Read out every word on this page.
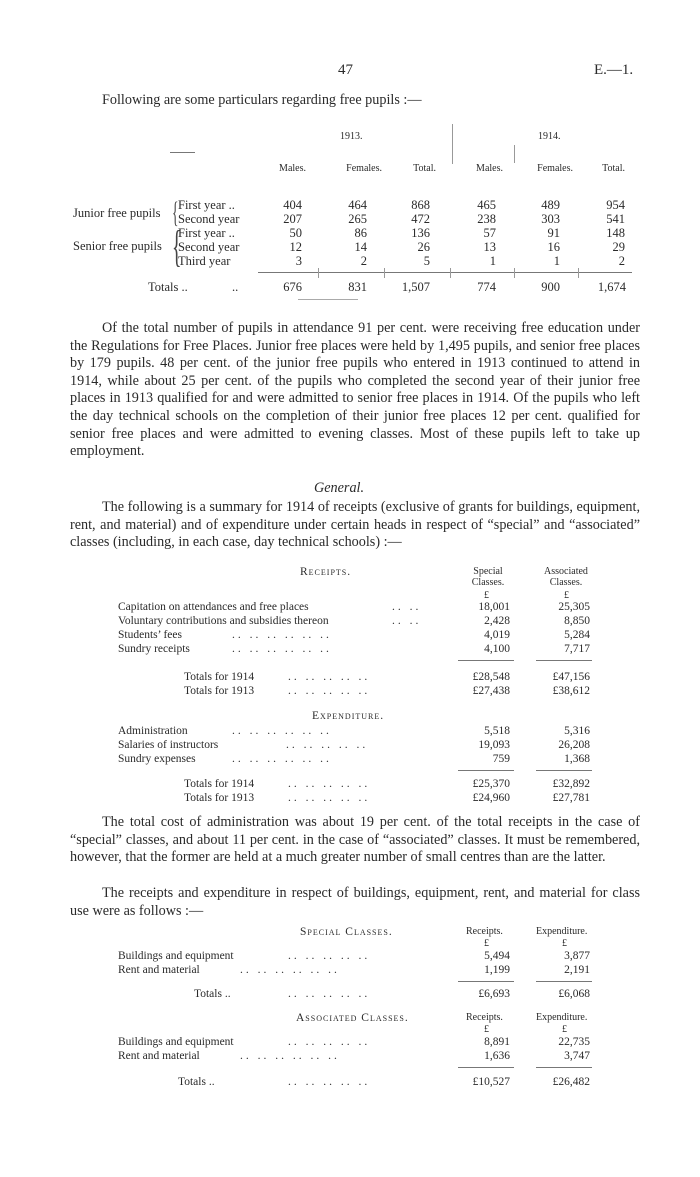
47	E.—1.
Following are some particulars regarding free pupils :—
1913.	1914.
Males.	Females.	Total.	Males.	Females.	Total.
Junior free pupils
Senior free pupils
{
{
First year ..	404	464	868	465	489	954
Second year	207	265	472	238	303	541
First year ..	50	86	136	57	91	148
Second year	12	14	26	13	16	29
Third year	3	2	5	1	1	2
Totals ..	..	676	831	1,507	774	900	1,674

Of the total number of pupils in attendance 91 per cent. were receiving free education under the Regulations for Free Places. Junior free places were held by 1,495 pupils, and senior free places by 179 pupils. 48 per cent. of the junior free pupils who entered in 1913 continued to attend in 1914, while about 25 per cent. of the pupils who completed the second year of their junior free places in 1913 qualified for and were admitted to senior free places in 1914. Of the pupils who left the day technical schools on the completion of their junior free places 12 per cent. qualified for senior free places and were admitted to evening classes. Most of these pupils left to take up employment.

General.

The following is a summary for 1914 of receipts (exclusive of grants for buildings, equipment, rent, and material) and of expenditure under certain heads in respect of “special” and “associated” classes (including, in each case, day technical schools) :—

Receipts.	Special Classes.
Associated Classes.
£	£
Capitation on attendances and free places	.. ..	18,001	25,305
Voluntary contributions and subsidies thereon	.. ..	2,428	8,850
Students’ fees	.. .. .. .. .. ..	4,019	5,284
Sundry receipts	.. .. .. .. .. ..	4,100	7,717
Totals for 1914	.. .. .. .. ..	£28,548	£47,156
Totals for 1913	.. .. .. .. ..	£27,438	£38,612
Expenditure.
Administration	.. .. .. .. .. ..	5,518	5,316
Salaries of instructors	.. .. .. .. ..	19,093	26,208
Sundry expenses	.. .. .. .. .. ..	759	1,368
Totals for 1914	.. .. .. .. ..	£25,370	£32,892
Totals for 1913	.. .. .. .. ..	£24,960	£27,781

The total cost of administration was about 19 per cent. of the total receipts in the case of “special” classes, and about 11 per cent. in the case of “associated” classes. It must be remembered, however, that the former are held at a much greater number of small centres than are the latter.

The receipts and expenditure in respect of buildings, equipment, rent, and material for class use were as follows :—

Special Classes.	Receipts.	Expenditure.
£	£
Buildings and equipment	.. .. .. .. ..	5,494	3,877
Rent and material	.. .. .. .. .. ..	1,199	2,191
Totals ..	.. .. .. .. ..	£6,693	£6,068
Associated Classes.	Receipts.	Expenditure.
£	£
Buildings and equipment	.. .. .. .. ..	8,891	22,735
Rent and material	.. .. .. .. .. ..	1,636	3,747
Totals ..	.. .. .. .. ..	£10,527	£26,482
